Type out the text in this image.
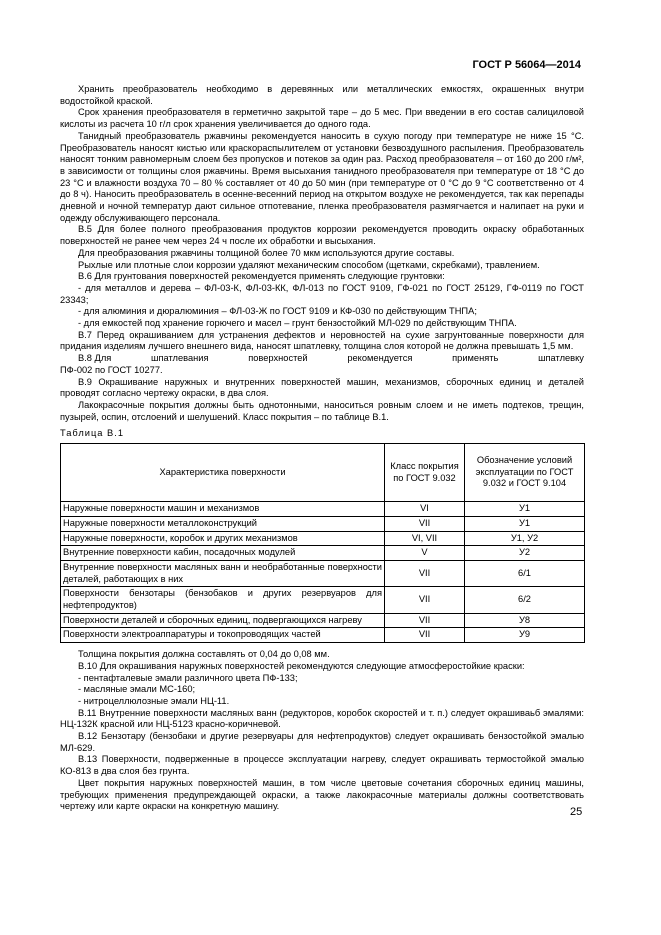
ГОСТ Р 56064—2014

Хранить преобразователь необходимо в деревянных или металлических емкостях, окрашенных внутри водостойкой краской.

Срок хранения преобразователя в герметично закрытой таре – до 5 мес. При введении в его состав салициловой кислоты из расчета 10 г/л срок хранения увеличивается до одного года.

Танидный преобразователь ржавчины рекомендуется наносить в сухую погоду при температуре не ниже 15 °С. Преобразователь наносят кистью или краскораспылителем от установки безвоздушного распыления. Преобразователь наносят тонким равномерным слоем без пропусков и потеков за один раз. Расход преобразователя – от 160 до 200 г/м², в зависимости от толщины слоя ржавчины. Время высыхания танидного преобразователя при температуре от 18 °С до 23 °С и влажности воздуха 70 – 80 % составляет от 40 до 50 мин (при температуре от 0 °С до 9 °С соответственно от 4 до 8 ч). Наносить преобразователь в осенне-весенний период на открытом воздухе не рекомендуется, так как перепады дневной и ночной температур дают сильное отпотевание, пленка преобразователя размягчается и налипает на руки и одежду обслуживающего персонала.

В.5 Для более полного преобразования продуктов коррозии рекомендуется проводить окраску обработанных поверхностей не ранее чем через 24 ч после их обработки и высыхания.

Для преобразования ржавчины толщиной более 70 мкм используются другие составы.

Рыхлые или плотные слои коррозии удаляют механическим способом (щетками, скребками), травлением.

В.6 Для грунтования поверхностей рекомендуется применять следующие грунтовки:

- для металлов и дерева – ФЛ-03-К, ФЛ-03-КК, ФЛ-013 по ГОСТ 9109, ГФ-021 по ГОСТ 25129, ГФ-0119 по ГОСТ 23343;

- для алюминия и дюралюминия – ФЛ-03-Ж по ГОСТ 9109 и КФ-030 по действующим ТНПА;

- для емкостей под хранение горючего и масел – грунт бензостойкий МЛ-029 по действующим ТНПА.

В.7 Перед окрашиванием для устранения дефектов и неровностей на сухие загрунтованные поверхности для придания изделиям лучшего внешнего вида, наносят шпатлевку, толщина слоя которой не должна превышать 1,5 мм.

В.8 Для	шпатлевания	поверхностей	рекомендуется	применять	шпатлевку

ПФ-002 по ГОСТ 10277.

В.9 Окрашивание наружных и внутренних поверхностей машин, механизмов, сборочных единиц и деталей проводят согласно чертежу окраски, в два слоя.

Лакокрасочные покрытия должны быть однотонными, наноситься ровным слоем и не иметь подтеков, трещин, пузырей, оспин, отслоений и шелушений. Класс покрытия – по таблице В.1.

Таблица В.1
Характеристика поверхности	Класс покрытия по ГОСТ 9.032	Обозначение условий эксплуатации по ГОСТ 9.032 и ГОСТ 9.104
Наружные поверхности машин и механизмов	VI	У1
Наружные поверхности металлоконструкций	VII	У1
Наружные поверхности, коробок и других механизмов	VI, VII	У1, У2
Внутренние поверхности кабин, посадочных модулей	V	У2
Внутренние поверхности масляных ванн и необработанные поверхности деталей, работающих в них	VII	6/1
Поверхности бензотары (бензобаков и других резервуаров для нефтепродуктов)	VII	6/2
Поверхности деталей и сборочных единиц, подвергающихся нагреву	VII	У8
Поверхности электроаппаратуры и токопроводящих частей	VII	У9

Толщина покрытия должна составлять от 0,04 до 0,08 мм.

В.10 Для окрашивания наружных поверхностей рекомендуются следующие атмосферостойкие краски:

- пентафталевые эмали различного цвета ПФ-133;

- масляные эмали МС-160;

- нитроцеллюлозные эмали НЦ-11.

В.11 Внутренние поверхности масляных ванн (редукторов, коробок скоростей и т. п.) следует окрашиваьб эмалями: НЦ-132К красной или НЦ-5123 красно-коричневой.

В.12 Бензотару (бензобаки и другие резервуары для нефтепродуктов) следует окрашивать бензостойкой эмалью МЛ-629.

В.13 Поверхности, подверженные в процессе эксплуатации нагреву, следует окрашивать термостойкой эмалью КО-813 в два слоя без грунта.

Цвет покрытия наружных поверхностей машин, в том числе цветовые сочетания сборочных единиц машины, требующих применения предупреждающей окраски, а также лакокрасочные материалы должны соответствовать чертежу или карте окраски на конкретную машину.	25
